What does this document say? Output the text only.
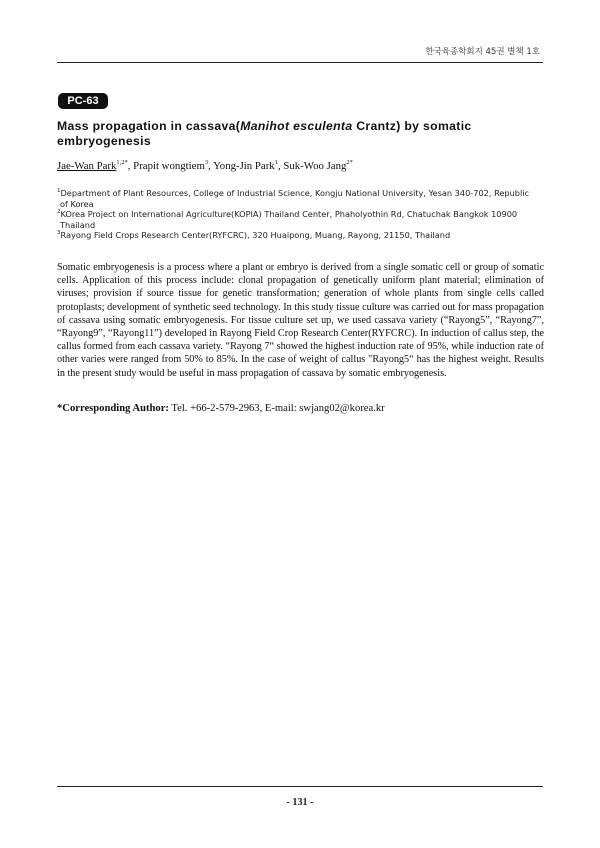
한국육종학회지 45권 별책 1호
PC-63
Mass propagation in cassava(Manihot esculenta Crantz) by somatic embryogenesis
Jae-Wan Park$^{1,2*}$, Prapit wongtiem$^3$, Yong-Jin Park$^1$, Suk-Woo Jang$^{2*}$

$^1$Department of Plant Resources, College of Industrial Science, Kongju National University, Yesan 340-702, Republic
of Korea

$^2$KOrea Project on International Agriculture(KOPIA) Thailand Center, Phaholyothin Rd, Chatuchak Bangkok 10900
Thailand

$^3$Rayong Field Crops Research Center(RYFCRC), 320 Huaipong, Muang, Rayong, 21150, Thailand

Somatic embryogenesis is a process where a plant or embryo is derived from a single somatic cell or group of somatic cells. Application of this process include: clonal propagation of genetically uniform plant material; elimination of viruses; provision if source tissue for genetic transformation; generation of whole plants from single cells called protoplasts; development of synthetic seed technology. In this study tissue culture was carried out for mass propagation of cassava using somatic embryogenesis. For tissue culture set up, we used cassava variety (“Rayong5”, “Rayong7”, “Rayong9”, “Rayong11”) developed in Rayong Field Crop Research Center(RYFCRC). In induction of callus step, the callus formed from each cassava variety. “Rayong 7“ showed the highest induction rate of 95%, while induction rate of other varies were ranged from 50% to 85%. In the case of weight of callus "Rayong5“ has the highest weight. Results in the present study would be useful in mass propagation of cassava by somatic embryogenesis.

*Corresponding Author: Tel. +66-2-579-2963, E-mail: swjang02@korea.kr
- 131 -
